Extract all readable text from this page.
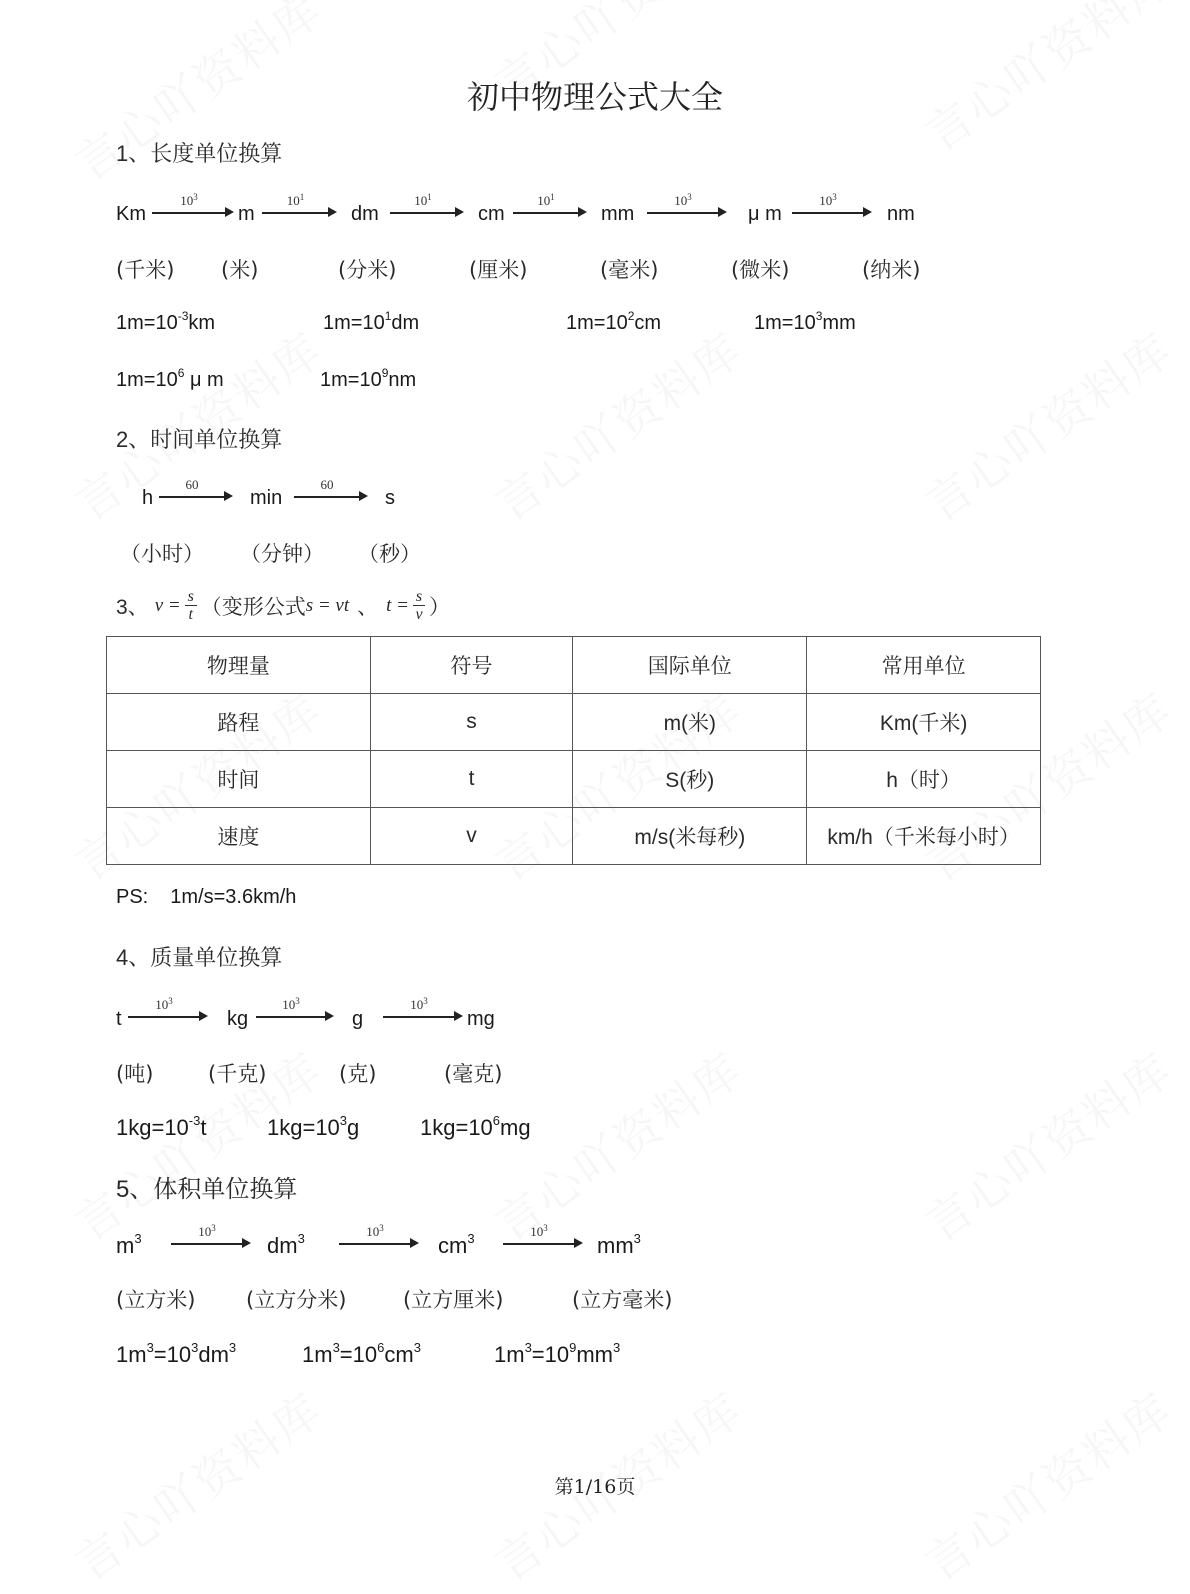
初中物理公式大全
1、长度单位换算
Km
$10^3$
m
$10^1$
dm
$10^1$
cm
$10^1$
mm
$10^3$
μ m
$10^3$
nm
(千米) (米)	(分米)	(厘米)	(毫米)	(微米)	(纳米)
$1m=10^{-3}km$	$1m=10^1dm$	$1m=10^2cm$	$1m=10^3mm$
$1m=10^6$ μ m	$1m=10^9nm$
2、时间单位换算
h
60
min
60
s
（小时） （分钟） （秒）
3、 $v = \frac{s}{t}$ （变形公式 s = vt 、 $t = \frac{s}{v}$ ）
物理量	符号	国际单位	常用单位
路程	s	m(米)	Km(千米)
时间	t	S(秒)	h（时）
速度	v	m/s(米每秒)	km/h（千米每小时）
PS: 1m/s=3.6km/h
4、质量单位换算
t
$10^3$
kg
$10^3$
g
$10^3$
mg
(吨)	(千克)	(克)	(毫克)
$1kg=10^{-3}t$	$1kg=10^3g$	$1kg=10^6mg$
5、体积单位换算
$m^3$	$10^3$
$dm^3$	$10^3$
$cm^3$	$10^3$
$mm^3$
(立方米) (立方分米)	(立方厘米)	(立方毫米)
$1m^3=10^3dm^3$	$1m^3=10^6cm^3$	$1m^3=10^9mm^3$
第1/16页
